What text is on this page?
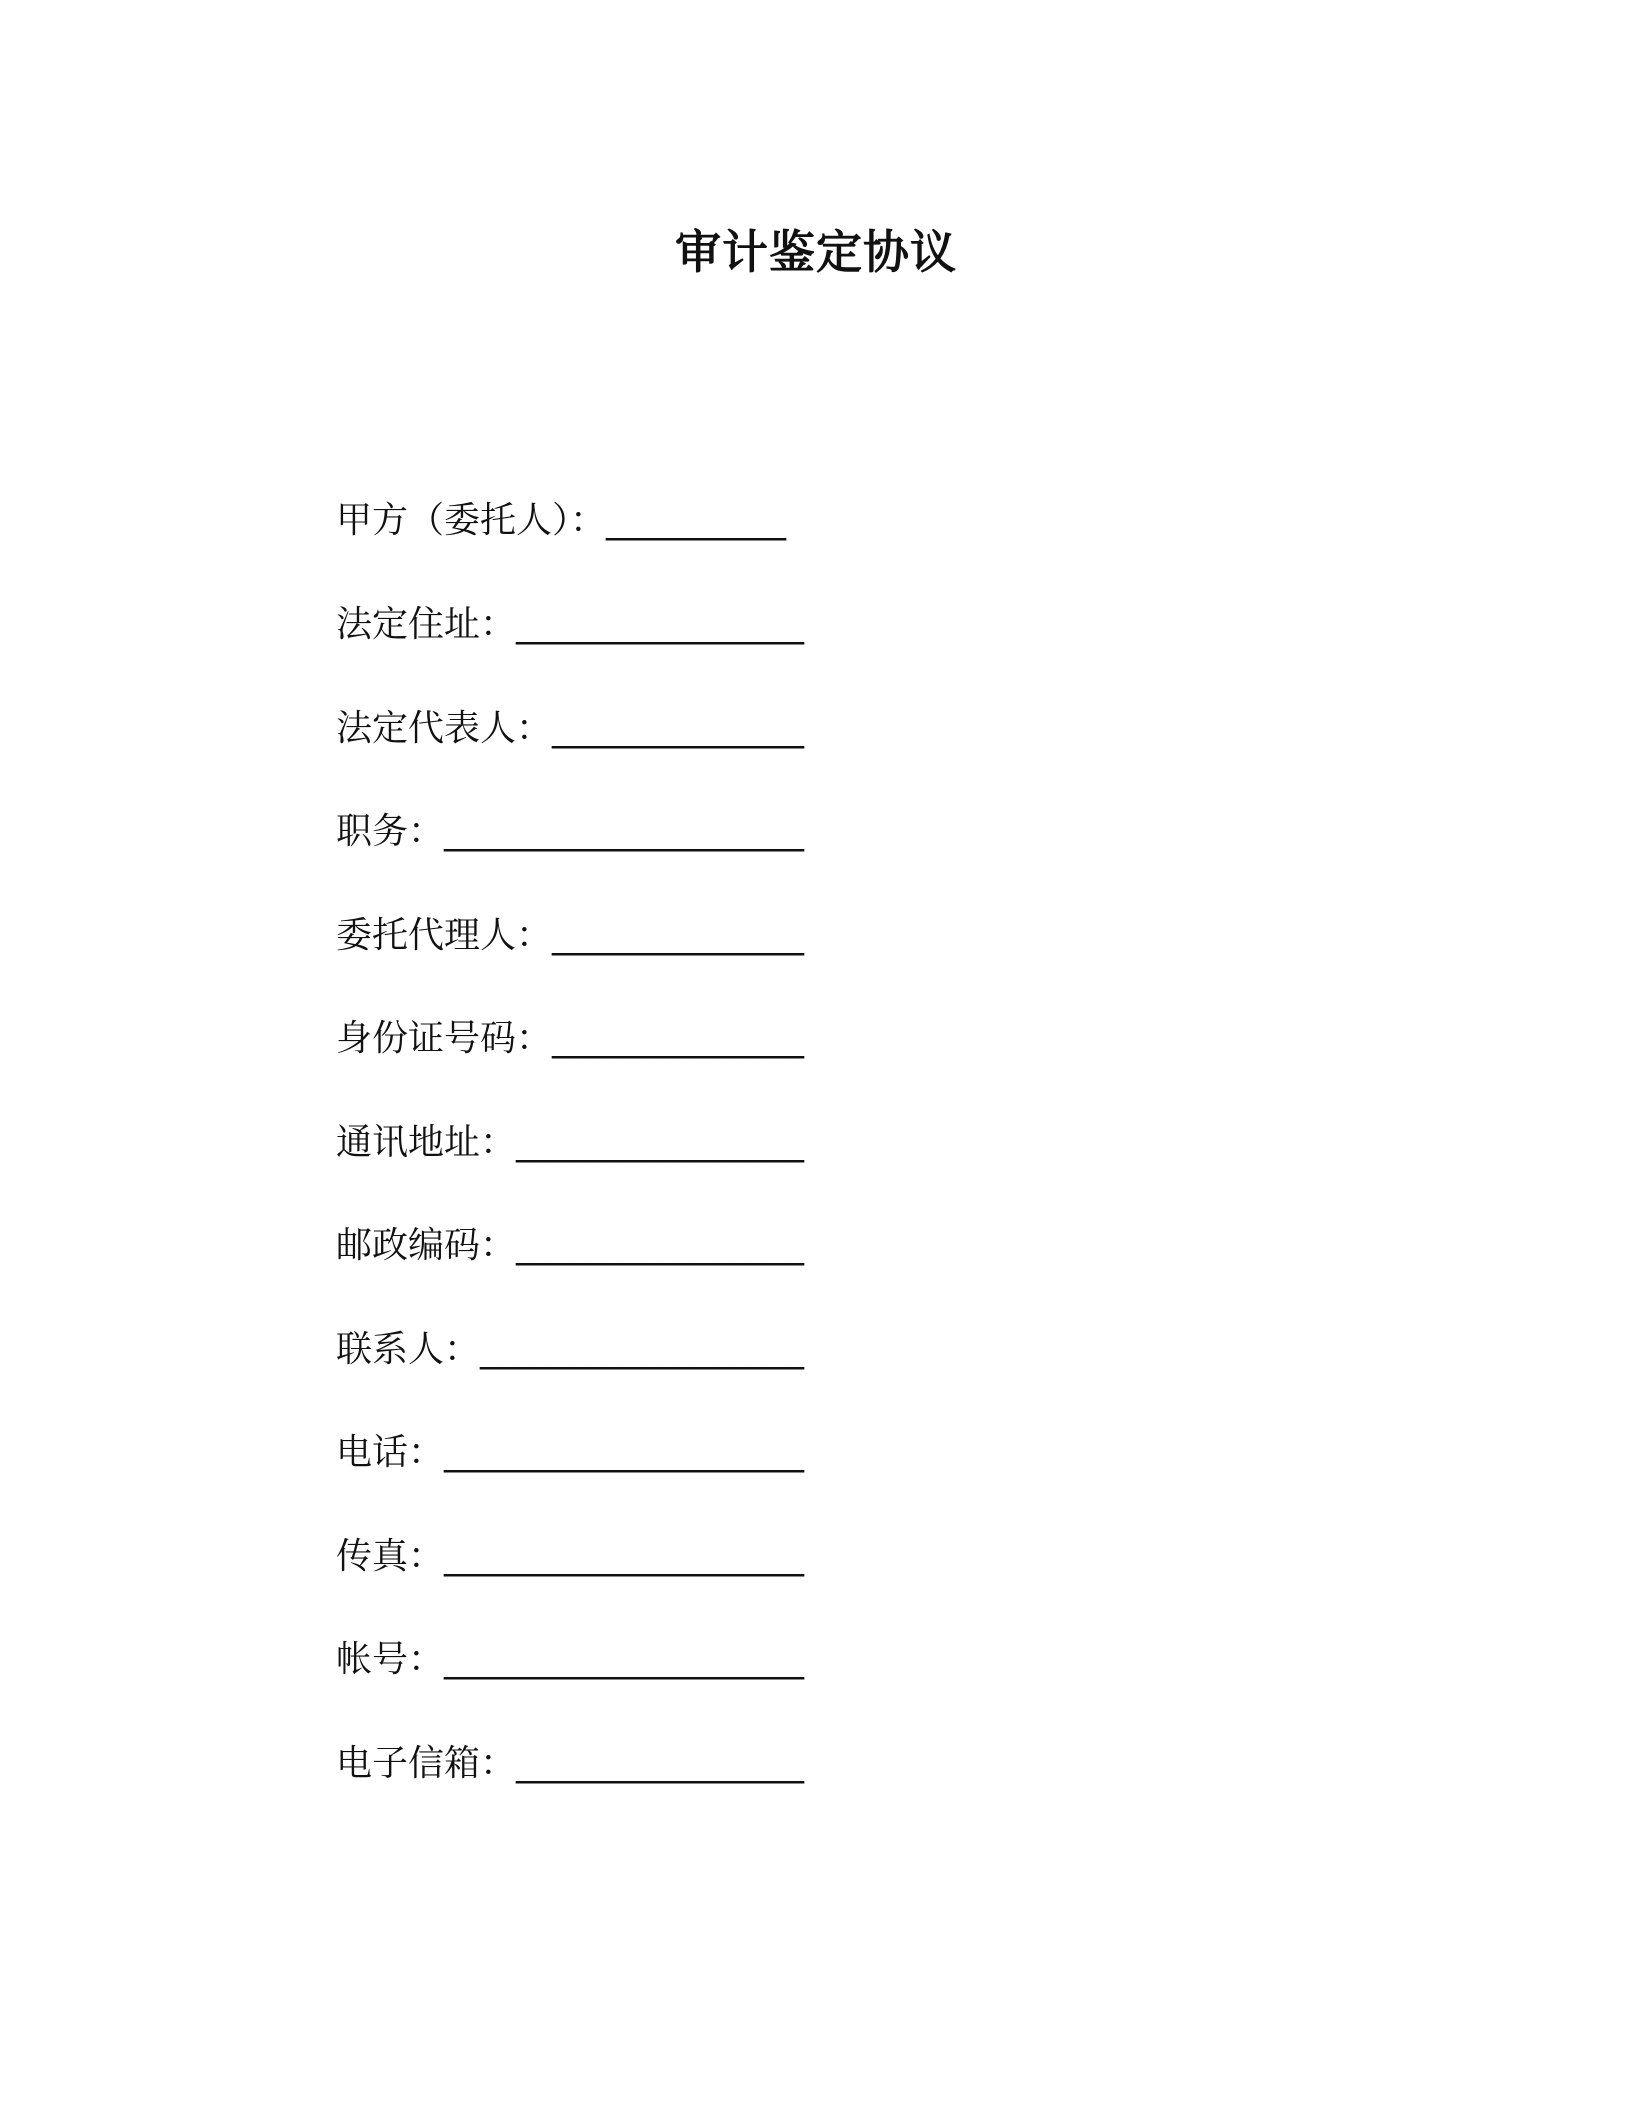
审计鉴定协议
甲方（委托人）：__________
法定住址：________________
法定代表人：______________
职务：____________________
委托代理人：______________
身份证号码：______________
通讯地址：________________
邮政编码：________________
联系人：__________________
电话：____________________
传真：____________________
帐号：____________________
电子信箱：________________
